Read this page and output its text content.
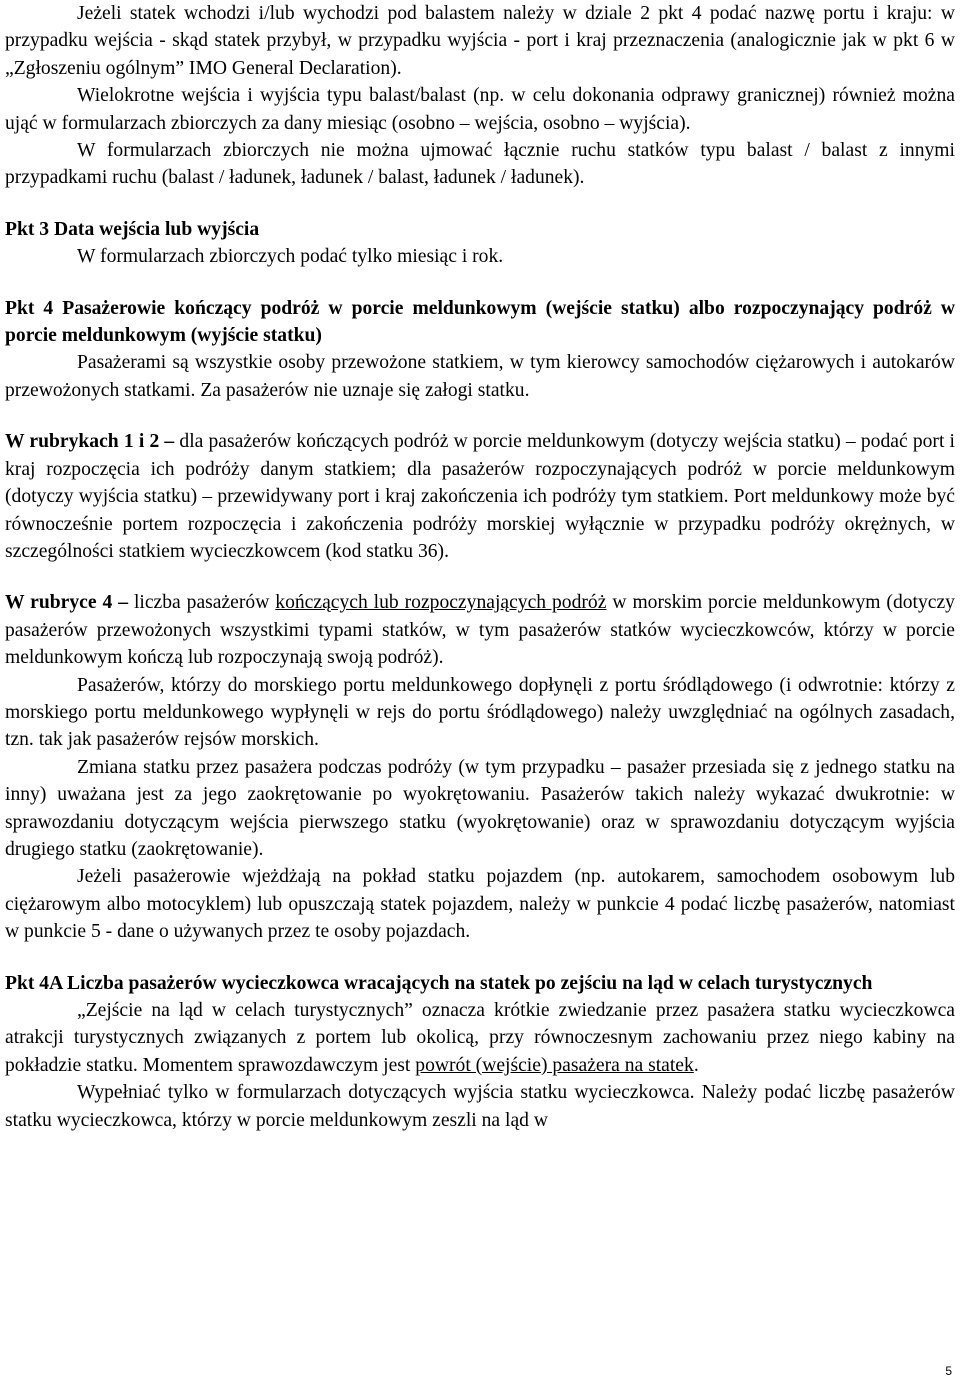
Jeżeli statek wchodzi i/lub wychodzi pod balastem należy w dziale 2 pkt 4 podać nazwę portu i kraju: w przypadku wejścia - skąd statek przybył, w przypadku wyjścia - port i kraj przeznaczenia (analogicznie jak w pkt 6 w „Zgłoszeniu ogólnym” IMO General Declaration).

Wielokrotne wejścia i wyjścia typu balast/balast (np. w celu dokonania odprawy granicznej) również można ująć w formularzach zbiorczych za dany miesiąc (osobno – wejścia, osobno – wyjścia).

W formularzach zbiorczych nie można ujmować łącznie ruchu statków typu balast / balast z innymi przypadkami ruchu (balast / ładunek, ładunek / balast, ładunek / ładunek).

Pkt 3 Data wejścia lub wyjścia

W formularzach zbiorczych podać tylko miesiąc i rok.

Pkt 4 Pasażerowie kończący podróż w porcie meldunkowym (wejście statku) albo rozpoczynający podróż w porcie meldunkowym (wyjście statku)

Pasażerami są wszystkie osoby przewożone statkiem, w tym kierowcy samochodów ciężarowych i autokarów przewożonych statkami. Za pasażerów nie uznaje się załogi statku.

W rubrykach 1 i 2 – dla pasażerów kończących podróż w porcie meldunkowym (dotyczy wejścia statku) – podać port i kraj rozpoczęcia ich podróży danym statkiem; dla pasażerów rozpoczynających podróż w porcie meldunkowym (dotyczy wyjścia statku) – przewidywany port i kraj zakończenia ich podróży tym statkiem. Port meldunkowy może być równocześnie portem rozpoczęcia i zakończenia podróży morskiej wyłącznie w przypadku podróży okrężnych, w szczególności statkiem wycieczkowcem (kod statku 36).

W rubryce 4 – liczba pasażerów kończących lub rozpoczynających podróż w morskim porcie meldunkowym (dotyczy pasażerów przewożonych wszystkimi typami statków, w tym pasażerów statków wycieczkowców, którzy w porcie meldunkowym kończą lub rozpoczynają swoją podróż).

Pasażerów, którzy do morskiego portu meldunkowego dopłynęli z portu śródlądowego (i odwrotnie: którzy z morskiego portu meldunkowego wypłynęli w rejs do portu śródlądowego) należy uwzględniać na ogólnych zasadach, tzn. tak jak pasażerów rejsów morskich.

Zmiana statku przez pasażera podczas podróży (w tym przypadku – pasażer przesiada się z jednego statku na inny) uważana jest za jego zaokrętowanie po wyokrętowaniu. Pasażerów takich należy wykazać dwukrotnie: w sprawozdaniu dotyczącym wejścia pierwszego statku (wyokrętowanie) oraz w sprawozdaniu dotyczącym wyjścia drugiego statku (zaokrętowanie).

Jeżeli pasażerowie wjeżdżają na pokład statku pojazdem (np. autokarem, samochodem osobowym lub ciężarowym albo motocyklem) lub opuszczają statek pojazdem, należy w punkcie 4 podać liczbę pasażerów, natomiast w punkcie 5 - dane o używanych przez te osoby pojazdach.

Pkt 4A Liczba pasażerów wycieczkowca wracających na statek po zejściu na ląd w celach turystycznych

„Zejście na ląd w celach turystycznych” oznacza krótkie zwiedzanie przez pasażera statku wycieczkowca atrakcji turystycznych związanych z portem lub okolicą, przy równoczesnym zachowaniu przez niego kabiny na pokładzie statku. Momentem sprawozdawczym jest powrót (wejście) pasażera na statek.

Wypełniać tylko w formularzach dotyczących wyjścia statku wycieczkowca. Należy podać liczbę pasażerów statku wycieczkowca, którzy w porcie meldunkowym zeszli na ląd w

5
